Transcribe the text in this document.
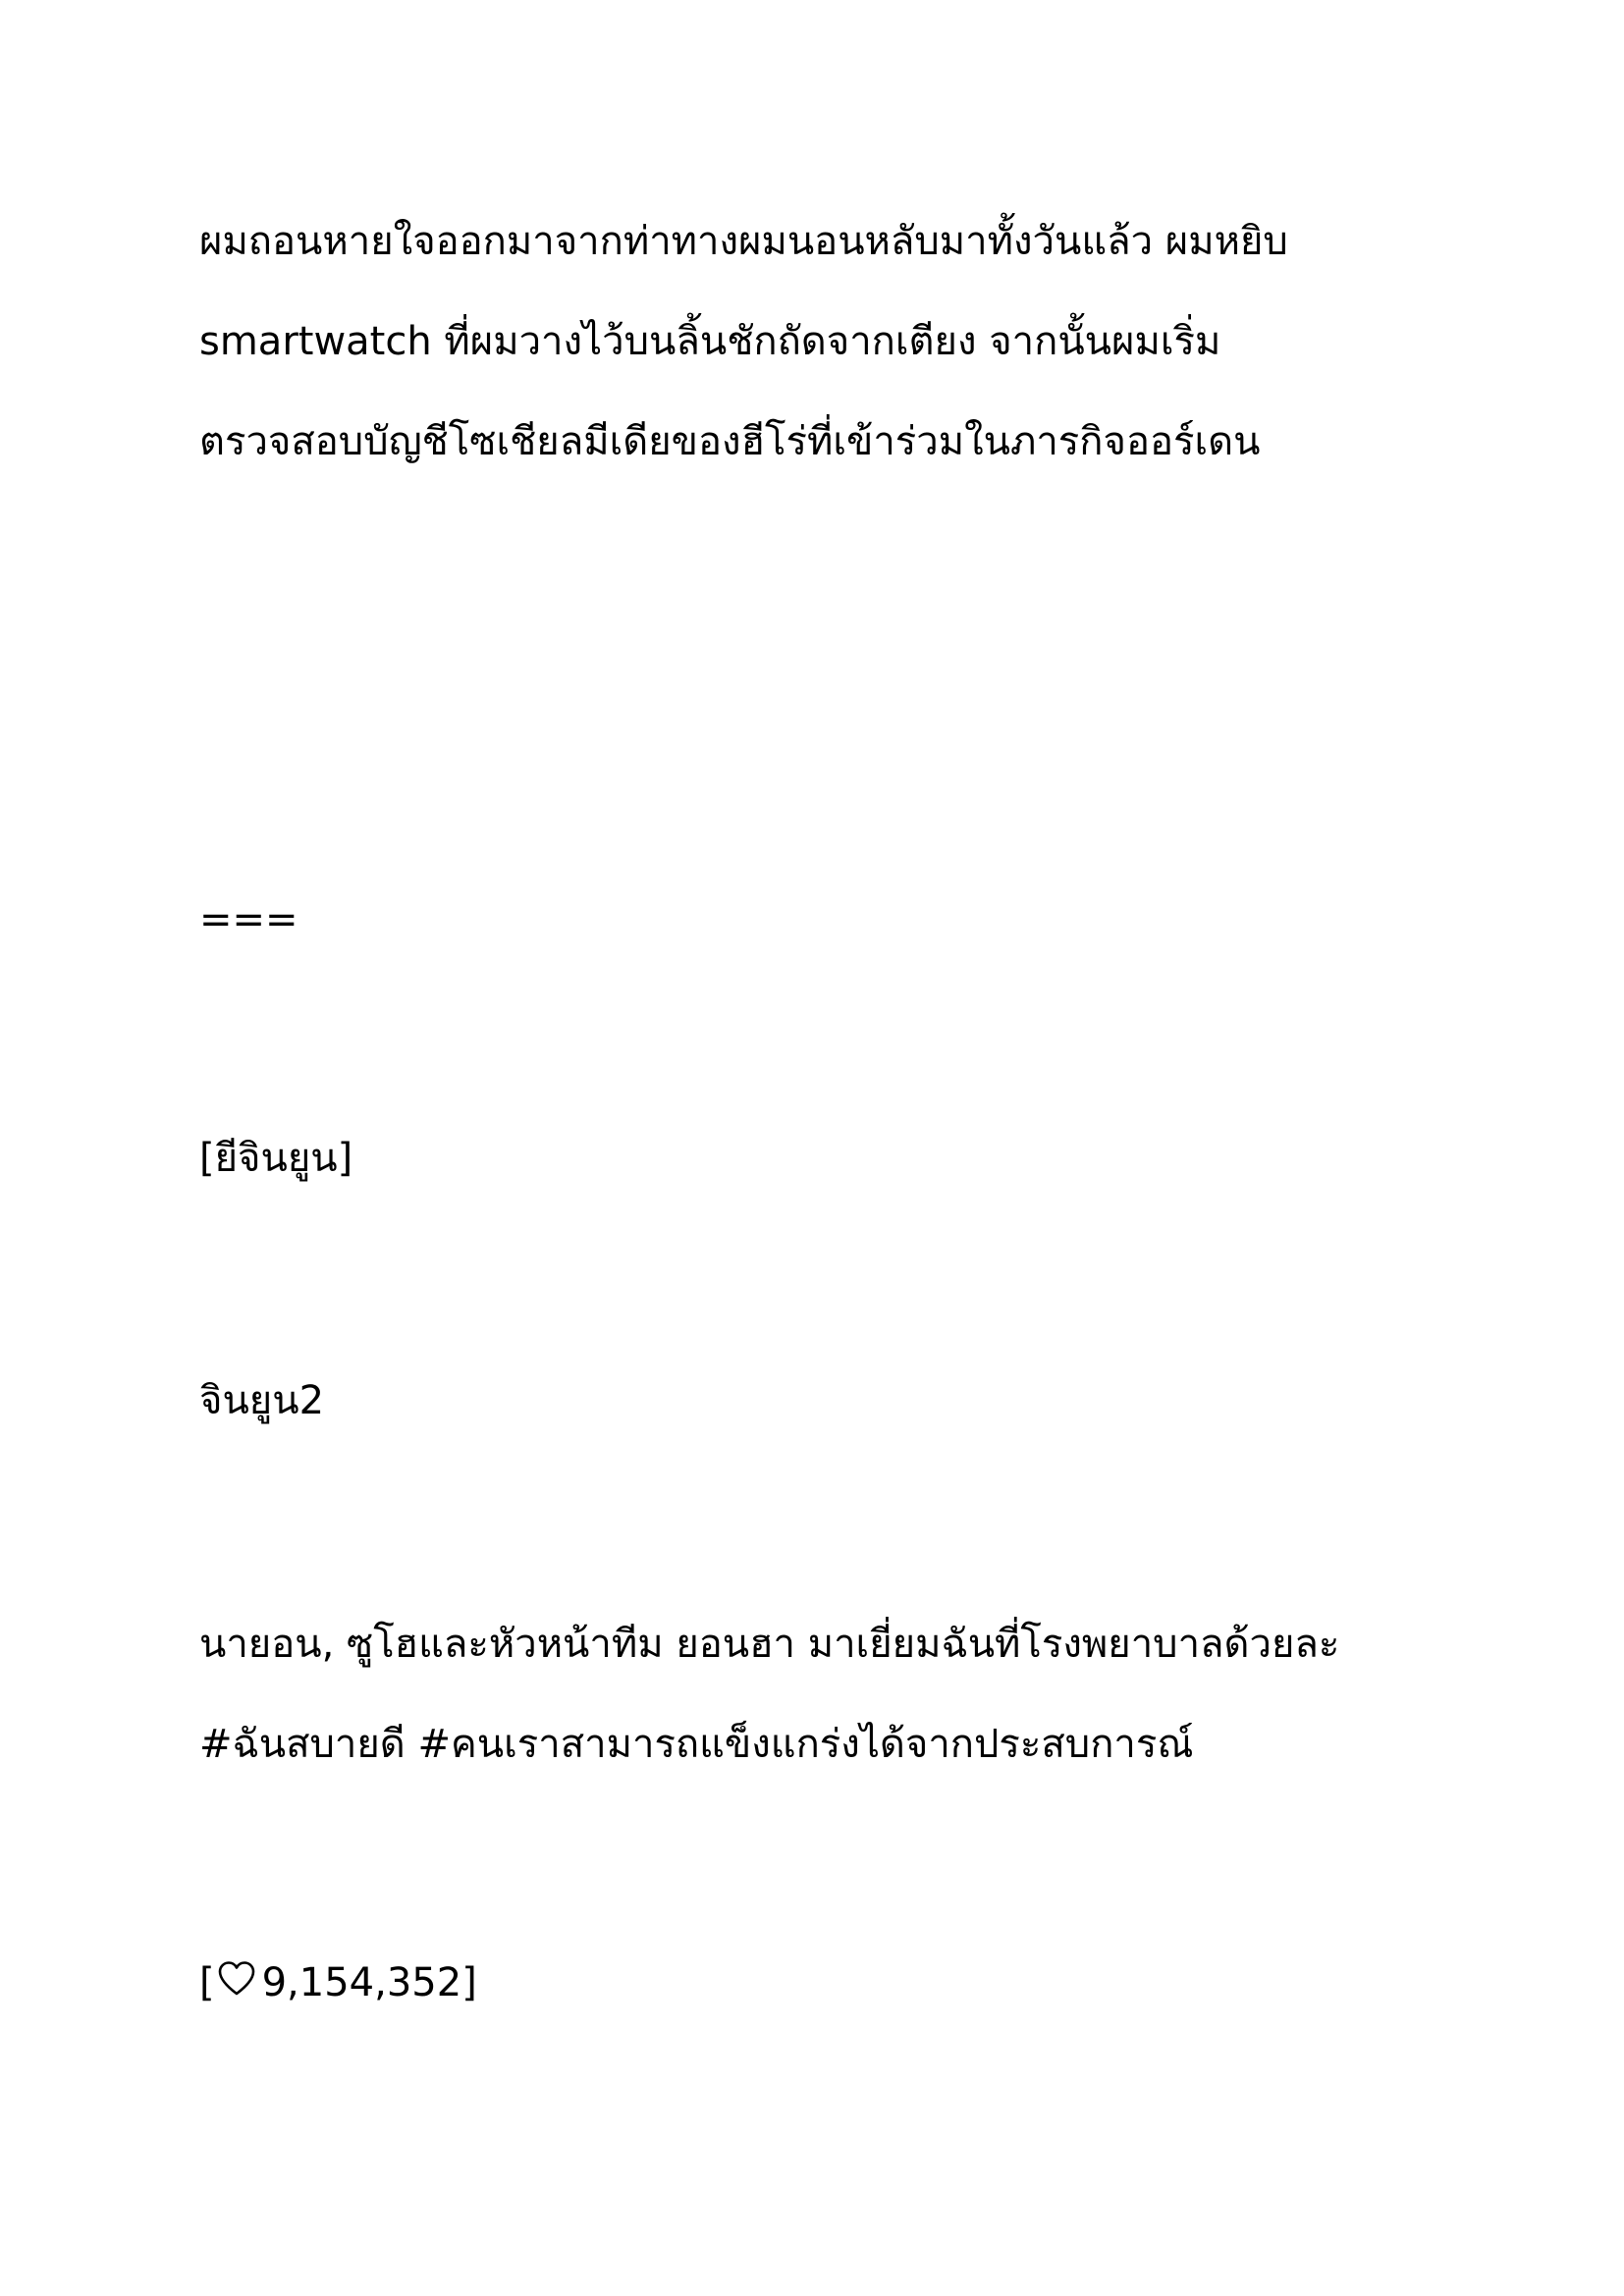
ผมถอนหายใจออกมาจากท่าทางผมนอนหลับมาทั้งวันแล้ว ผมหยิบ
smartwatch ที่ผมวางไว้บนลิ้นชักถัดจากเตียง จากนั้นผมเริ่ม
ตรวจสอบบัญชีโซเชียลมีเดียของฮีโร่ที่เข้าร่วมในภารกิจออร์เดน
===
[ยีจินยูน]
จินยูน2
นายอน, ซูโฮและหัวหน้าทีม ยอนฮา มาเยี่ยมฉันที่โรงพยาบาลด้วยละ
#ฉันสบายดี #คนเราสามารถแข็งแกร่งได้จากประสบการณ์
[ 9,154,352 ]
